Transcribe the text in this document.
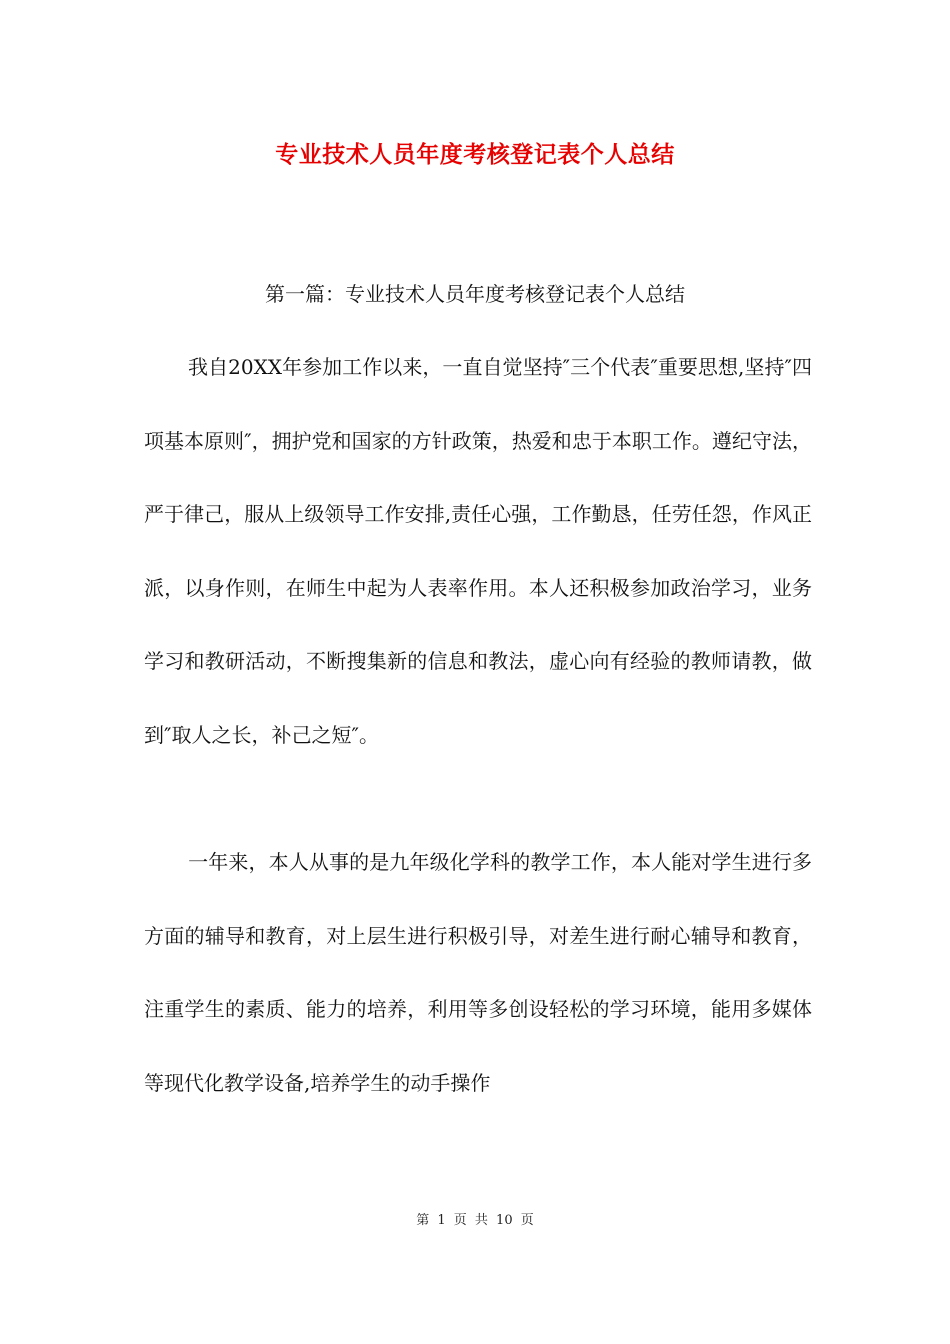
专业技术人员年度考核登记表个人总结

第一篇：专业技术人员年度考核登记表个人总结

我自20XX年参加工作以来，一直自觉坚持″三个代表″重要思想,坚持″四项基本原则″，拥护党和国家的方针政策，热爱和忠于本职工作。遵纪守法，严于律己，服从上级领导工作安排,责任心强，工作勤恳，任劳任怨，作风正派，以身作则，在师生中起为人表率作用。本人还积极参加政治学习，业务学习和教研活动，不断搜集新的信息和教法，虚心向有经验的教师请教，做到″取人之长，补己之短″。

一年来，本人从事的是九年级化学科的教学工作，本人能对学生进行多方面的辅导和教育，对上层生进行积极引导，对差生进行耐心辅导和教育，注重学生的素质、能力的培养，利用等多创设轻松的学习环境，能用多媒体等现代化教学设备,培养学生的动手操作

第 1 页 共 10 页
